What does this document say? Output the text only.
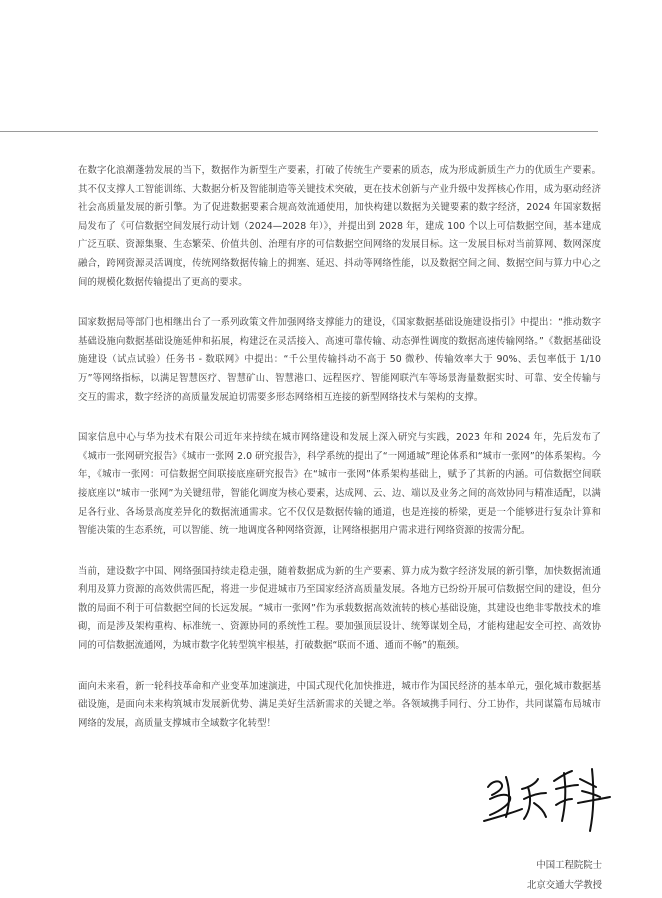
在数字化浪潮蓬勃发展的当下，数据作为新型生产要素，打破了传统生产要素的质态，成为形成新质生产力的优质生产要素。其不仅支撑人工智能训练、大数据分析及智能制造等关键技术突破，更在技术创新与产业升级中发挥核心作用，成为驱动经济社会高质量发展的新引擎。为了促进数据要素合规高效流通使用，加快构建以数据为关键要素的数字经济，2024 年国家数据局发布了《可信数据空间发展行动计划（2024—2028 年）》，并提出到 2028 年，建成 100 个以上可信数据空间，基本建成广泛互联、资源集聚、生态繁荣、价值共创、治理有序的可信数据空间网络的发展目标。这一发展目标对当前算网、数网深度融合，跨网资源灵活调度，传统网络数据传输上的拥塞、延迟、抖动等网络性能，以及数据空间之间、数据空间与算力中心之间的规模化数据传输提出了更高的要求。

国家数据局等部门也相继出台了一系列政策文件加强网络支撑能力的建设，《国家数据基础设施建设指引》中提出：“推动数字基础设施向数据基础设施延伸和拓展，构建泛在灵活接入、高速可靠传输、动态弹性调度的数据高速传输网络。”《数据基础设施建设（试点试验）任务书 - 数联网》中提出：“千公里传输抖动不高于 50 微秒、传输效率大于 90%、丢包率低于 1/10 万”等网络指标，以满足智慧医疗、智慧矿山、智慧港口、远程医疗、智能网联汽车等场景海量数据实时、可靠、安全传输与交互的需求，数字经济的高质量发展迫切需要多形态网络相互连接的新型网络技术与架构的支撑。

国家信息中心与华为技术有限公司近年来持续在城市网络建设和发展上深入研究与实践，2023 年和 2024 年，先后发布了《城市一张网研究报告》《城市一张网 2.0 研究报告》，科学系统的提出了“一网通城”理论体系和“城市一张网”的体系架构。今年，《城市一张网：可信数据空间联接底座研究报告》在“城市一张网”体系架构基础上，赋予了其新的内涵。可信数据空间联接底座以“城市一张网”为关键纽带，智能化调度为核心要素，达成网、云、边、端以及业务之间的高效协同与精准适配，以满足各行业、各场景高度差异化的数据流通需求。它不仅仅是数据传输的通道，也是连接的桥梁，更是一个能够进行复杂计算和智能决策的生态系统，可以智能、统一地调度各种网络资源，让网络根据用户需求进行网络资源的按需分配。

当前，建设数字中国、网络强国持续走稳走强，随着数据成为新的生产要素、算力成为数字经济发展的新引擎，加快数据流通利用及算力资源的高效供需匹配，将进一步促进城市乃至国家经济高质量发展。各地方已纷纷开展可信数据空间的建设，但分散的局面不利于可信数据空间的长远发展。“城市一张网”作为承载数据高效流转的核心基础设施，其建设也绝非零散技术的堆砌，而是涉及架构重构、标准统一、资源协同的系统性工程。要加强顶层设计、统筹谋划全局，才能构建起安全可控、高效协同的可信数据流通网，为城市数字化转型筑牢根基，打破数据“联而不通、通而不畅”的瓶颈。

面向未来看，新一轮科技革命和产业变革加速演进，中国式现代化加快推进，城市作为国民经济的基本单元，强化城市数据基础设施，是面向未来构筑城市发展新优势、满足美好生活新需求的关键之举。各领域携手同行、分工协作，共同谋篇布局城市网络的发展，高质量支撑城市全域数字化转型！

中国工程院院士
北京交通大学教授
